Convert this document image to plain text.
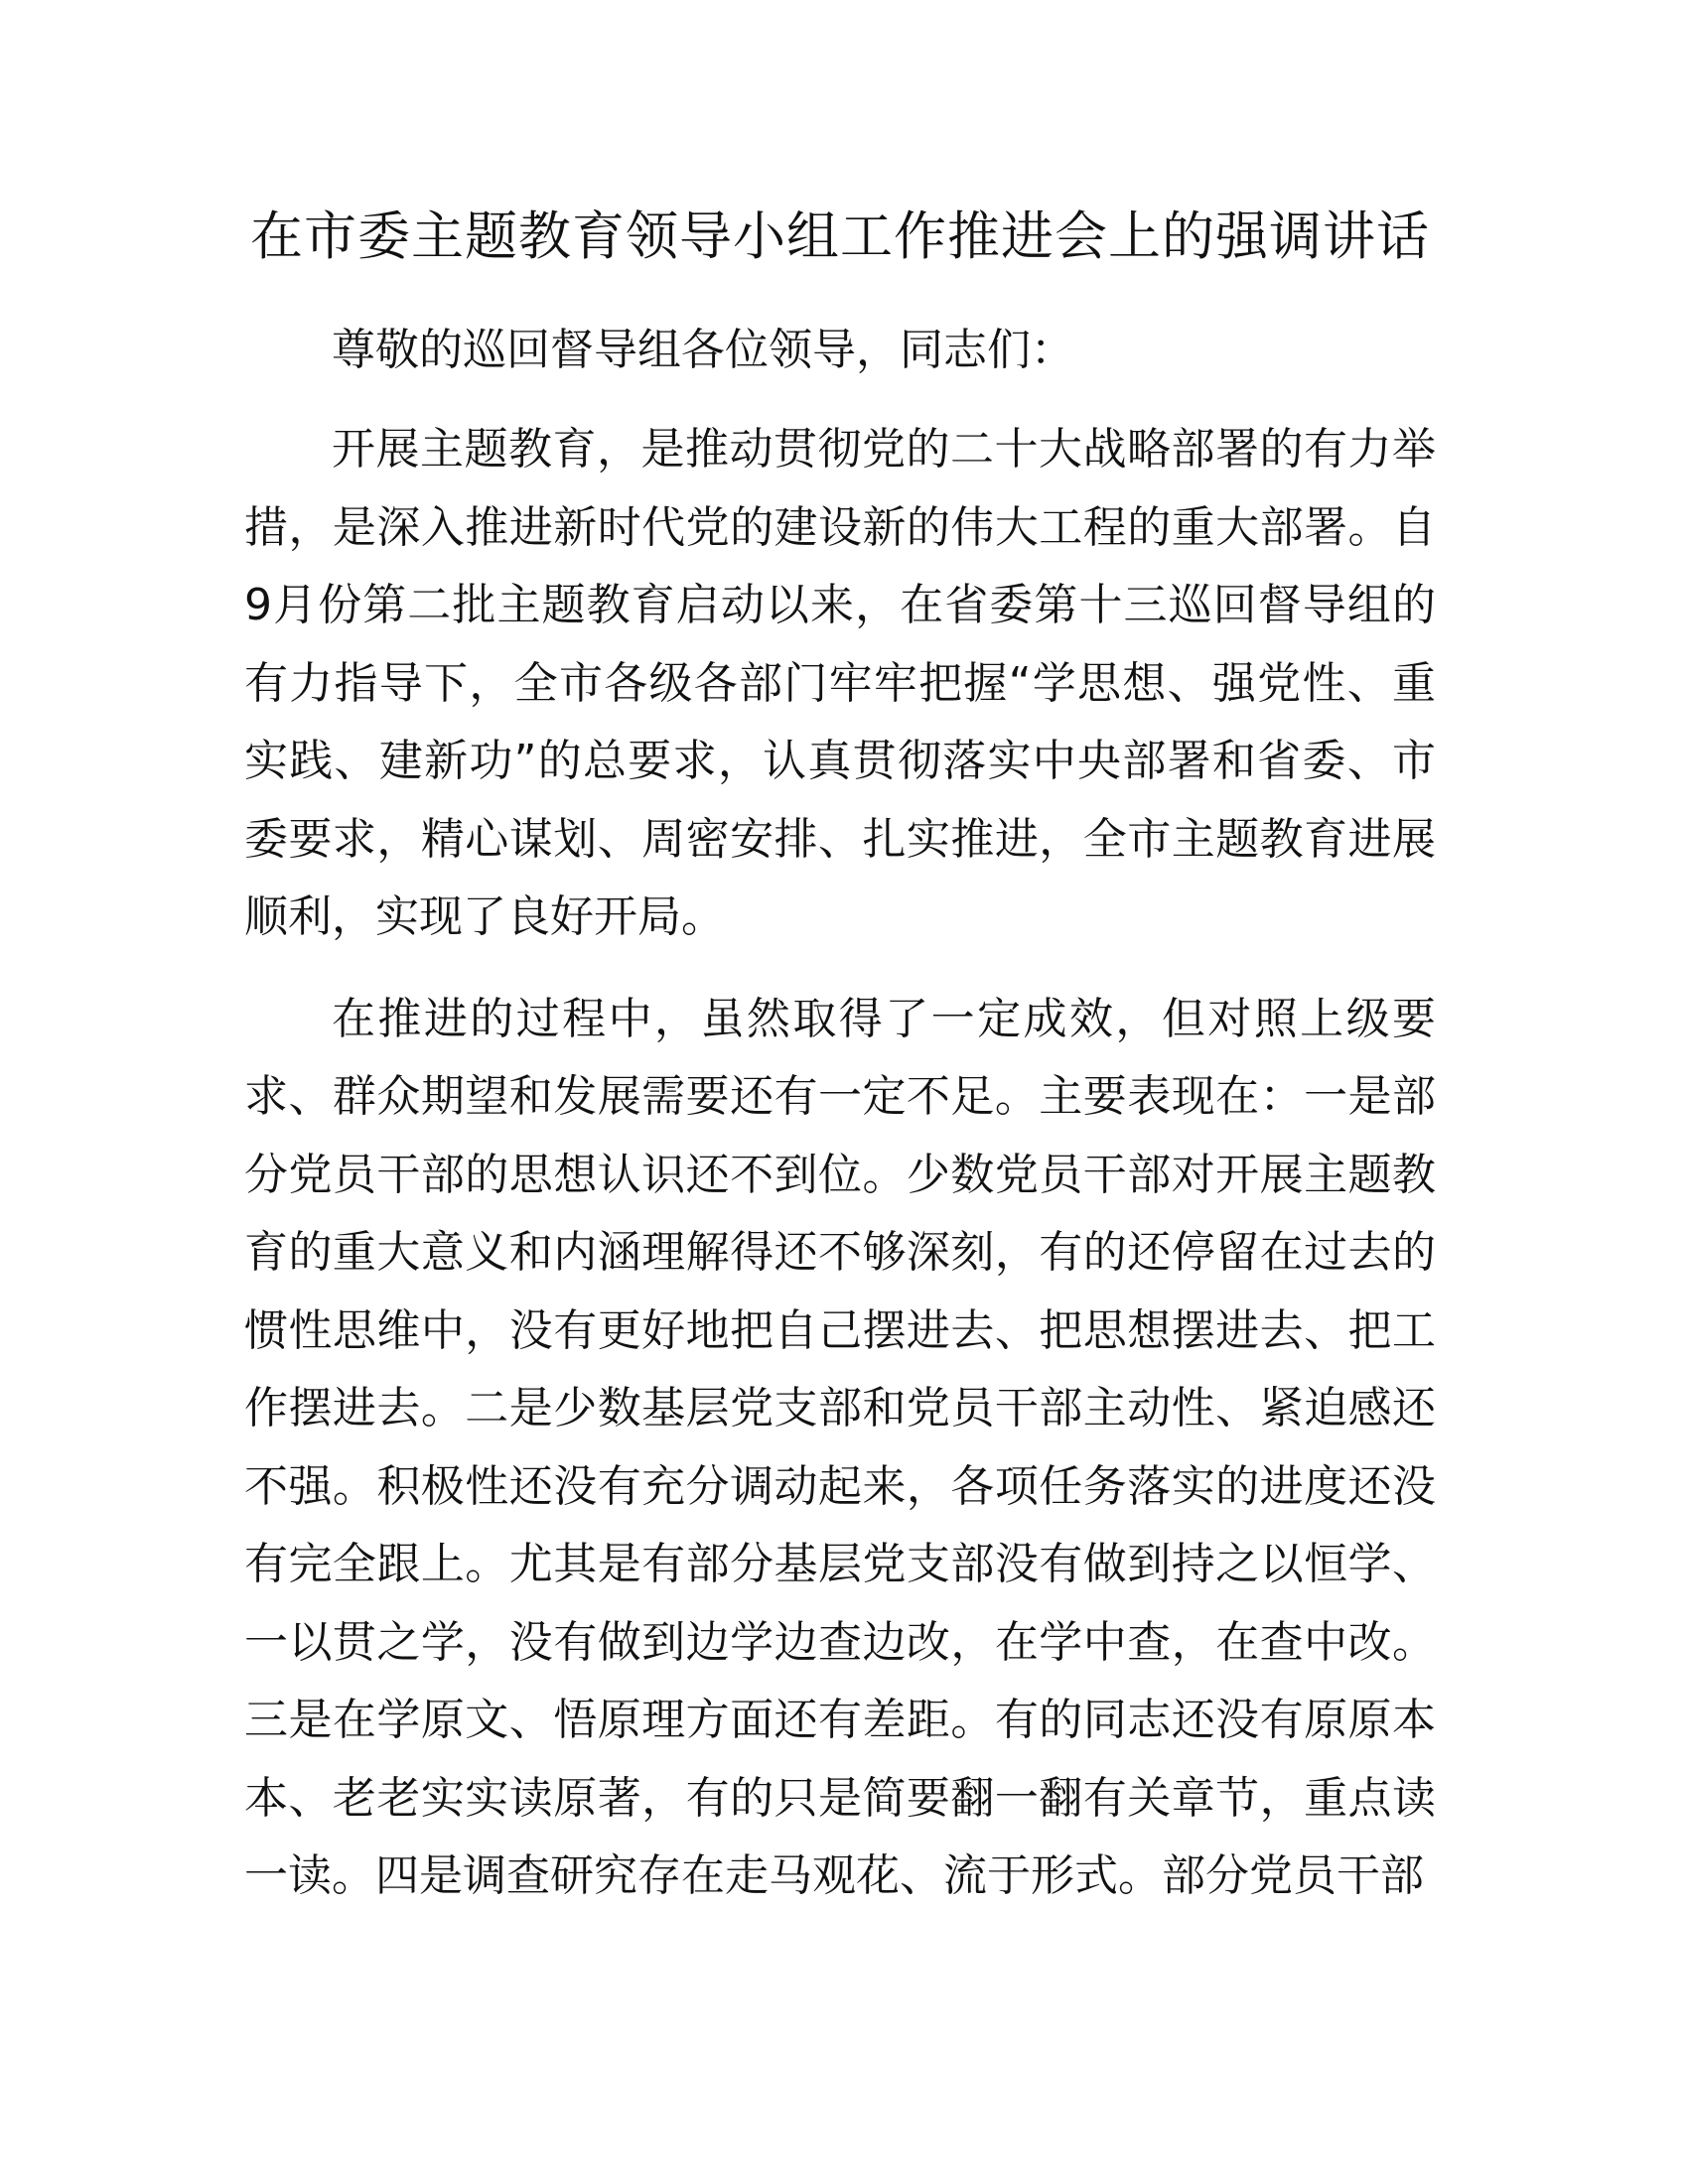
在市委主题教育领导小组工作推进会上的强调讲话

尊敬的巡回督导组各位领导，同志们：

开展主题教育，是推动贯彻党的二十大战略部署的有力举措，是深入推进新时代党的建设新的伟大工程的重大部署。自9月份第二批主题教育启动以来，在省委第十三巡回督导组的有力指导下，全市各级各部门牢牢把握“学思想、强党性、重实践、建新功”的总要求，认真贯彻落实中央部署和省委、市委要求，精心谋划、周密安排、扎实推进，全市主题教育进展顺利，实现了良好开局。

在推进的过程中，虽然取得了一定成效，但对照上级要求、群众期望和发展需要还有一定不足。主要表现在：一是部分党员干部的思想认识还不到位。少数党员干部对开展主题教育的重大意义和内涵理解得还不够深刻，有的还停留在过去的惯性思维中，没有更好地把自己摆进去、把思想摆进去、把工作摆进去。二是少数基层党支部和党员干部主动性、紧迫感还不强。积极性还没有充分调动起来，各项任务落实的进度还没有完全跟上。尤其是有部分基层党支部没有做到持之以恒学、一以贯之学，没有做到边学边查边改，在学中查，在查中改。三是在学原文、悟原理方面还有差距。有的同志还没有原原本本、老老实实读原著，有的只是简要翻一翻有关章节，重点读一读。四是调查研究存在走马观花、流于形式。部分党员干部
